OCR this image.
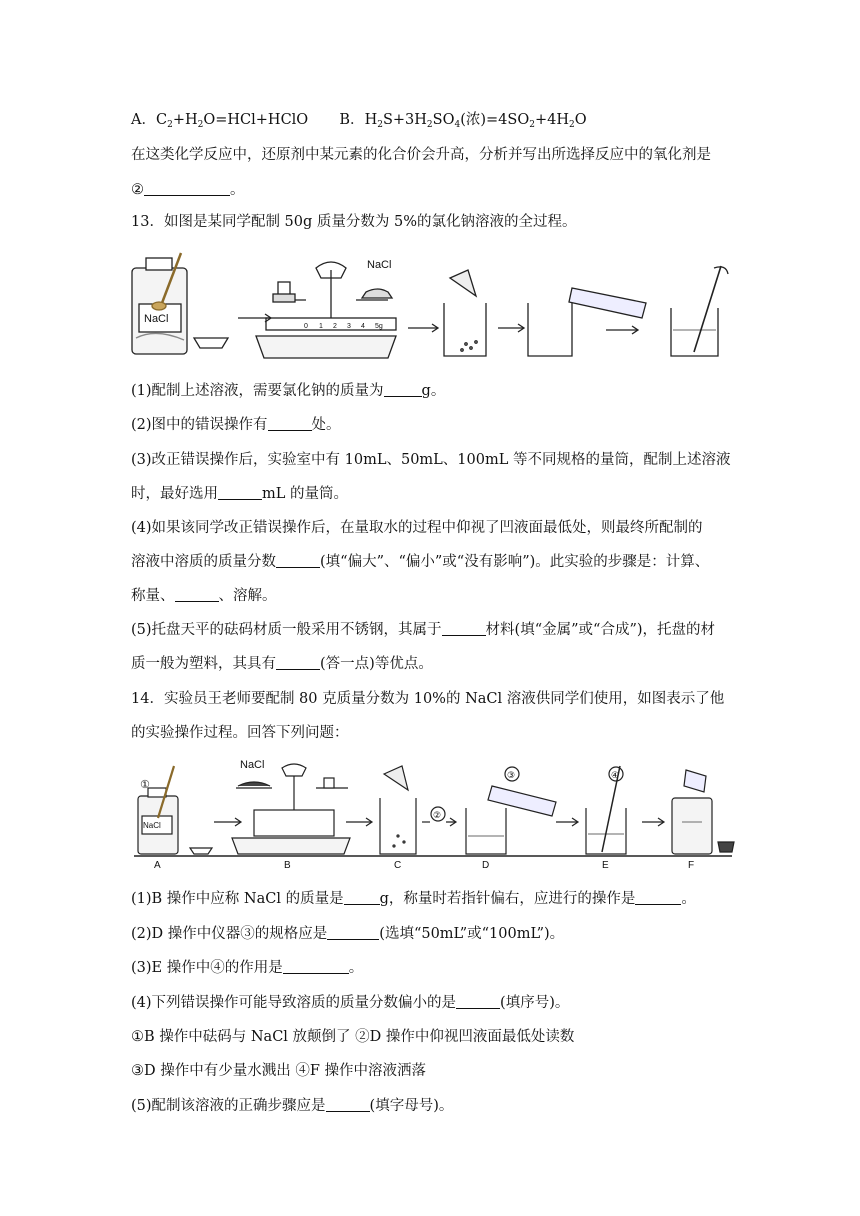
A．$C_2+H_2O=HCl+HClO$ B．$H_2S+3H_2SO_4$(浓)$=4SO_2+4H_2O$
在这类化学反应中，还原剂中某元素的化合价会升高，分析并写出所选择反应中的氧化剂是
②	。
13．如图是某同学配制 50g 质量分数为 5%的氯化钠溶液的全过程。
NaCl
NaCl
0 1 2 3 4 5g
(1)配制上述溶液，需要氯化钠的质量为	g。
(2)图中的错误操作有	处。
(3)改正错误操作后，实验室中有 10mL、50mL、100mL 等不同规格的量筒，配制上述溶液
时，最好选用	mL 的量筒。
(4)如果该同学改正错误操作后，在量取水的过程中仰视了凹液面最低处，则最终所配制的
溶液中溶质的质量分数	(填“偏大”、“偏小”或“没有影响”)。此实验的步骤是：计算、
称量、	、溶解。
(5)托盘天平的砝码材质一般采用不锈钢，其属于	材料(填“金属”或“合成”)，托盘的材
质一般为塑料，其具有	(答一点)等优点。
14．实验员王老师要配制 80 克质量分数为 10%的 NaCl 溶液供同学们使用，如图表示了他
的实验操作过程。回答下列问题：
A	B	C	D	E	F
NaCl
NaCl
①
②
③	④
(1)B 操作中应称 NaCl 的质量是 g，称量时若指针偏右，应进行的操作是	。
(2)D 操作中仪器③的规格应是	(选填“50mL”或“100mL”)。
(3)E 操作中④的作用是	。
(4)下列错误操作可能导致溶质的质量分数偏小的是	(填序号)。
①B 操作中砝码与 NaCl 放颠倒了 ②D 操作中仰视凹液面最低处读数
③D 操作中有少量水溅出 ④F 操作中溶液洒落
(5)配制该溶液的正确步骤应是	(填字母号)。
